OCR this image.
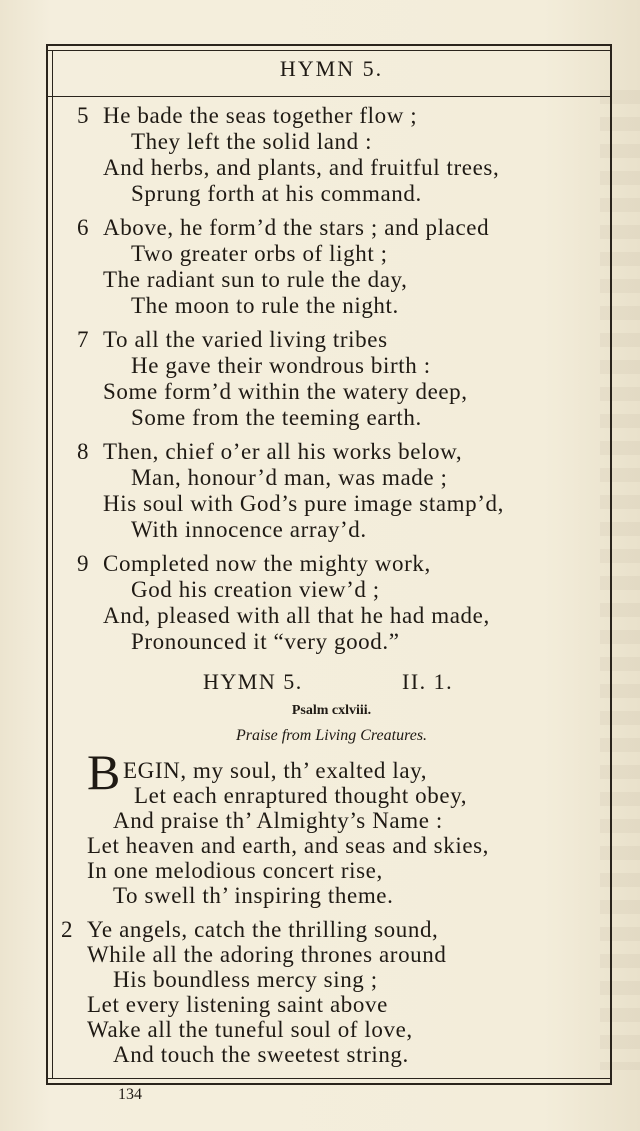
HYMN 5.
5 He bade the seas together flow ;
They left the solid land :
And herbs, and plants, and fruitful trees,
Sprung forth at his command.
6 Above, he form’d the stars ; and placed
Two greater orbs of light ;
The radiant sun to rule the day,
The moon to rule the night.
7 To all the varied living tribes
He gave their wondrous birth :
Some form’d within the watery deep,
Some from the teeming earth.
8 Then, chief o’er all his works below,
Man, honour’d man, was made ;
His soul with God’s pure image stamp’d,
With innocence array’d.
9 Completed now the mighty work,
God his creation view’d ;
And, pleased with all that he had made,
Pronounced it “very good.”
HYMN 5.	II. 1.
Psalm cxlviii.
Praise from Living Creatures.
B EGIN, my soul, th’ exalted lay,
Let each enraptured thought obey,
And praise th’ Almighty’s Name :
Let heaven and earth, and seas and skies,
In one melodious concert rise,
To swell th’ inspiring theme.
2 Ye angels, catch the thrilling sound,
While all the adoring thrones around
His boundless mercy sing ;
Let every listening saint above
Wake all the tuneful soul of love,
And touch the sweetest string.
134
